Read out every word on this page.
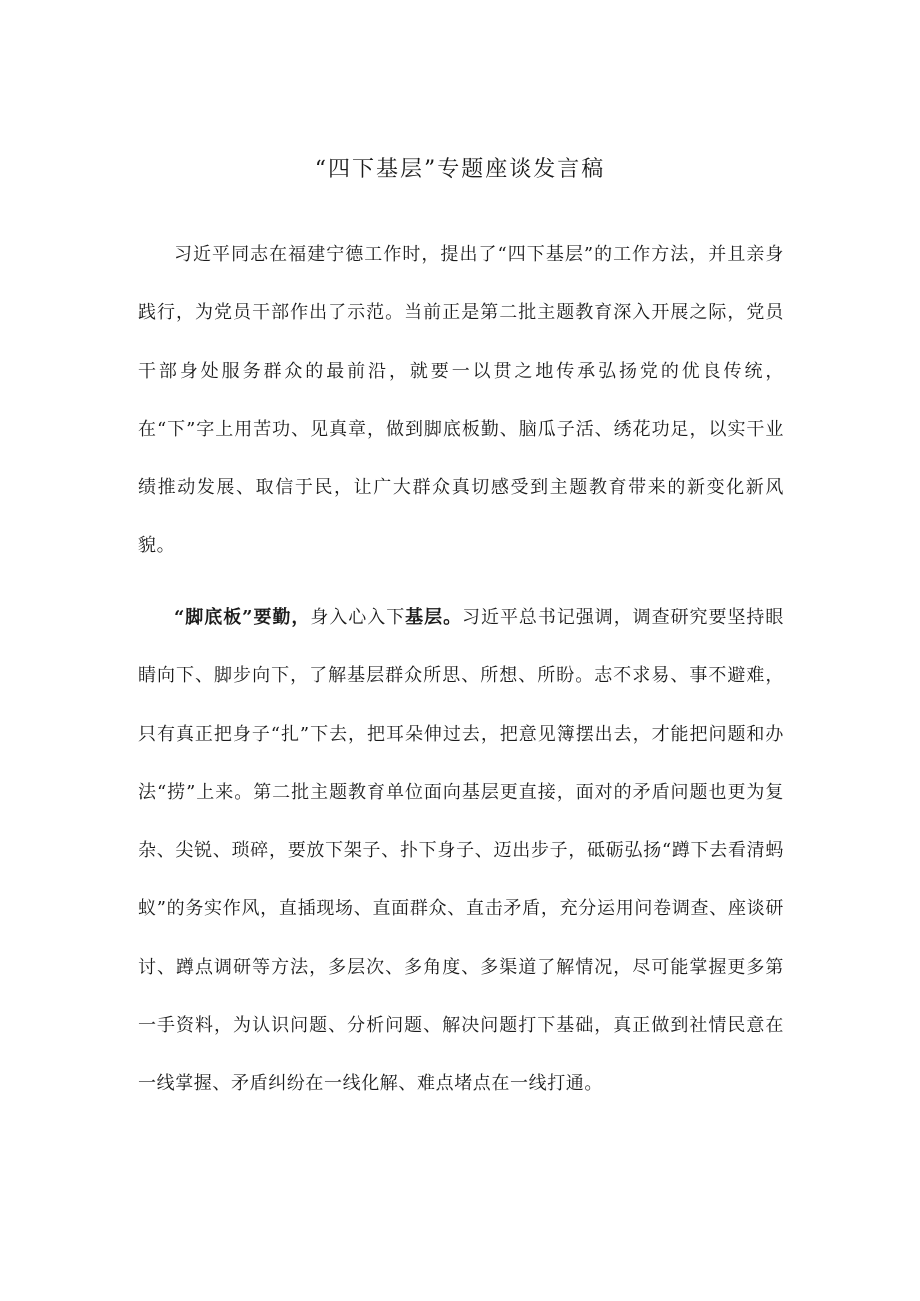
“四下基层”专题座谈发言稿

习近平同志在福建宁德工作时，提出了“四下基层”的工作方法，并且亲身践行，为党员干部作出了示范。当前正是第二批主题教育深入开展之际，党员干部身处服务群众的最前沿，就要一以贯之地传承弘扬党的优良传统，在“下”字上用苦功、见真章，做到脚底板勤、脑瓜子活、绣花功足，以实干业绩推动发展、取信于民，让广大群众真切感受到主题教育带来的新变化新风貌。

“脚底板”要勤，身入心入下基层。习近平总书记强调，调查研究要坚持眼睛向下、脚步向下，了解基层群众所思、所想、所盼。志不求易、事不避难，只有真正把身子“扎”下去，把耳朵伸过去，把意见簿摆出去，才能把问题和办法“捞”上来。第二批主题教育单位面向基层更直接，面对的矛盾问题也更为复杂、尖锐、琐碎，要放下架子、扑下身子、迈出步子，砥砺弘扬“蹲下去看清蚂蚁”的务实作风，直插现场、直面群众、直击矛盾，充分运用问卷调查、座谈研讨、蹲点调研等方法，多层次、多角度、多渠道了解情况，尽可能掌握更多第一手资料，为认识问题、分析问题、解决问题打下基础，真正做到社情民意在一线掌握、矛盾纠纷在一线化解、难点堵点在一线打通。
